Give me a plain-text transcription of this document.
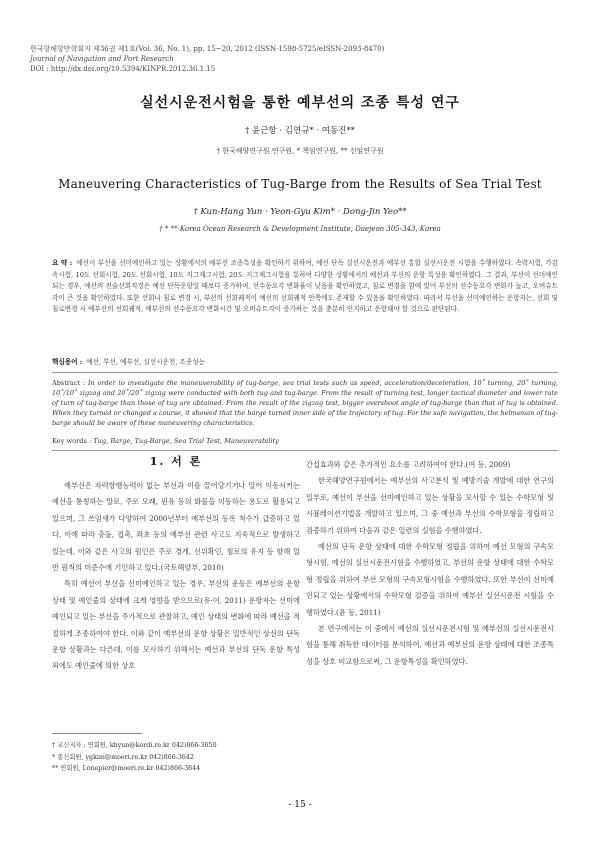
한국항해항만학회지 제36권 제1호(Vol. 36, No. 1), pp. 15~20, 2012 (ISSN-1598-5725/eISSN-2093-8470)
Journal of Navigation and Port Research
DOI : http://dx.doi.org/10.5394/KINPR.2012.36.1.15
실선시운전시험을 통한 예부선의 조종 특성 연구
† 윤근항 · 김연규* · 여동진**
† 한국해양연구원 연구원, * 책임연구원, ** 선임연구원
Maneuvering Characteristics of Tug-Barge from the Results of Sea Trial Test
† Kun-Hang Yun · Yeon-Gyu Kim* · Dong-Jin Yeo**
† * ** Korea Ocean Research & Development Institute, Daejeon 305-343, Korea
요 약 : 예선이 부선을 선미예인하고 있는 상황에서의 예부선 조종특성을 확인하기 위하여, 예선 단독 실선시운전과 예부선 통합 실선시운전 시험을 수행하였다. 속력시험, 가감속시험, 10도 선회시험, 20도 선회시험, 10도 지그재그시험, 20도 지그재그시험을 통하여 다양한 상황에서의 예선과 부선의 운항 특성을 확인하였다. 그 결과, 부선이 선미예인되는 경우, 예선의 전술선회직경은 예선 단독운항일 때보다 증가하며, 선수동요각 변화율이 낮음을 확인하였고, 침로 변경을 함에 있어 부선의 선수동요각 변화가 높고, 오버슈트각이 큰 것을 확인하였다. 또한 선회나 침로 변경 시, 부선의 선회궤적이 예선의 선회궤적 안쪽에도 존재할 수 있음을 확인하였다. 따라서 부선을 선미예인하는 운항자는, 선회 및 침로변경 시 예부선의 선회궤적, 예부선의 선수동요각 변화시간 및 오버슈트각이 증가하는 것을 충분히 인지하고 운항해야 할 것으로 판단된다.
핵심용어 : 예선, 부선, 예부선, 실선시운전, 조종성능
Abstract : In order to investigate the maneuverability of tug-barge, sea trial tests such as speed, acceleration/deceleration, 10˚ turning, 20˚ turning, 10˚/10˚ zigzag and 20˚/20˚ zigzag were conducted with both tug and tug-barge. From the result of turning test, longer tactical diameter and lower rate of turn of tug-barge than those of tug are obtained. From the result of the zigzag test, bigger overshoot angle of tug-barge than that of tug is obtained. When they turned or changed a course, it showed that the barge turned inner side of the trajectory of tug. For the safe navigation, the helmsman of tug-barge should be aware of these maneuvering characteristics.
Key words : Tug, Barge, Tug-Barge, Sea Trial Test, Maneuverability
1. 서 론

예부선은 자력항행능력이 없는 부선과 이를 끌어당기거나 밀어 이동시키는 예선을 통칭하는 말로, 주로 모래, 원유 등의 화물을 이동하는 용도로 활용되고 있으며, 그 쓰임새가 다양하여 2000년부터 예부선의 등록 척수가 급증하고 있다. 이에 따라 충돌, 접촉, 좌초 등의 예부선 관련 사고도 지속적으로 발생하고 있는데, 이와 같은 사고의 원인은 주로 경계, 선위확인, 침로의 유지 등 항해 일반 원칙의 미준수에 기인하고 있다.(국토해양부, 2010)

특히 예선이 부선을 선미예인하고 있는 경우, 부선의 운동은 예부선의 운항 상태 및 예인줄의 상태에 크게 영향을 받으므로(유·이, 2011) 운항자는 선미에 예인되고 있는 부선을 주가적으로 관찰하고, 예인 상태의 변화에 따라 예선을 적절하게 조종하여야 한다. 이와 같이 예부선의 운항 상황은 일반적인 상선의 단독 운항 상황과는 다른데, 이를 모사하기 위해서는 예선과 부선의 단독 운항 특성 외에도 예인줄에 의한 상호

간섭효과와 같은 추가적인 요소를 고려하여야 한다.(여 등, 2009)

한국해양연구원에서는 예부선의 사고분석 및 예방기술 개발에 대한 연구의 일부로, 예선이 부선을 선미예인하고 있는 상황을 모사할 수 있는 수학모형 및 시뮬레이션기법을 개발하고 있으며, 그 중 예선과 부선의 수학모형을 정립하고 검증하기 위하여 다음과 같은 일련의 실험을 수행하였다.

예선의 단독 운항 상태에 대한 수학모형 정립을 위하여 예선 모형의 구속모형시험, 예선의 실선시운전시험을 수행하였고, 부선의 운항 상태에 대한 수학모형 정립을 위하여 부선 모형의 구속모형시험을 수행하였다. 또한 부선이 선미예인되고 있는 상황에서의 수학모형 검증을 위하여 예부선 실선시운전 시험을 수행하였다.(윤 등, 2011)

본 연구에서는 이 중에서 예선의 실선시운전시험 및 예부선의 실선시운전시험을 통해 취득한 데이터를 분석하여, 예선과 예부선의 운항 상태에 대한 조종특성을 상호 비교함으로써, 그 운항특성을 확인하였다.

† 교신저자 : 연회원, khyun@kordi.re.kr 042)866-3650
* 종신회원, ygkim@moeri.re.kr 042)866-3642
** 연회원, Lonepier@moeri.re.kr 042)866-3644
- 15 -
